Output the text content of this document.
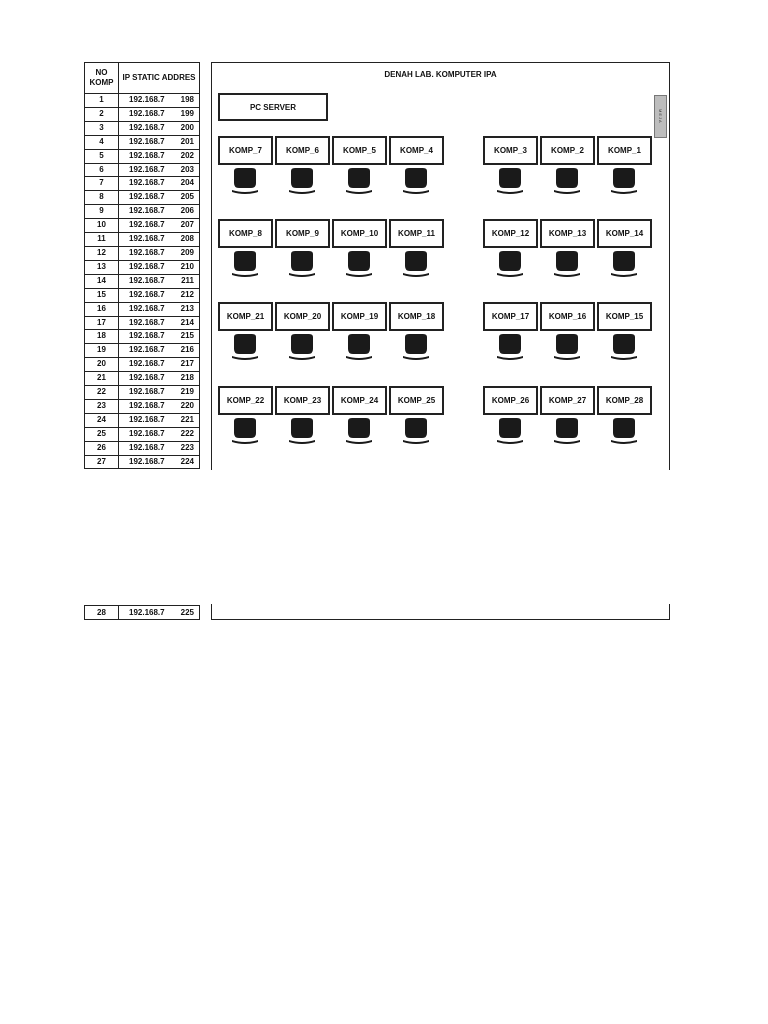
NO KOMP	IP STATIC ADDRES
1	192.168.7 198

2	192.168.7 199

3	192.168.7 200

4	192.168.7 201

5	192.168.7 202

6	192.168.7 203

7	192.168.7 204

8	192.168.7 205

9	192.168.7 206

10	192.168.7 207

11	192.168.7 208

12	192.168.7 209

13	192.168.7 210

14	192.168.7 211

15	192.168.7 212

16	192.168.7 213

17	192.168.7 214

18	192.168.7 215

19	192.168.7 216

20	192.168.7 217

21	192.168.7 218

22	192.168.7 219

23	192.168.7 220

24	192.168.7 221

25	192.168.7 222

26	192.168.7 223

27	192.168.7 224
28	192.168.7 225
DENAH LAB. KOMPUTER IPA
PC SERVER
MEJA
KOMP_7	KOMP_6	KOMP_5	KOMP_4	KOMP_3	KOMP_2	KOMP_1
KOMP_8	KOMP_9	KOMP_10 KOMP_11	KOMP_12 KOMP_13 KOMP_14
KOMP_21 KOMP_20 KOMP_19 KOMP_18	KOMP_17 KOMP_16 KOMP_15
KOMP_22 KOMP_23 KOMP_24 KOMP_25	KOMP_26 KOMP_27 KOMP_28
